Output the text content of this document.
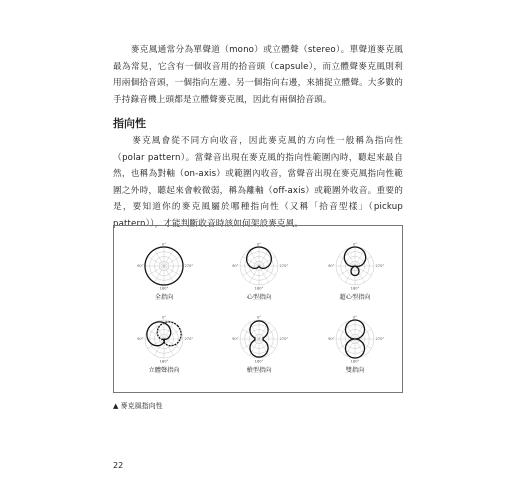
　　麥克風通常分為單聲道（mono）或立體聲（stereo）。單聲道麥克風最為常見，它含有一個收音用的拾音頭（capsule），而立體聲麥克風則利用兩個拾音頭，一個指向左邊、另一個指向右邊，來捕捉立體聲。大多數的手持錄音機上頭都是立體聲麥克風，因此有兩個拾音頭。

指向性

　　麥克風會從不同方向收音，因此麥克風的方向性一般稱為指向性（polar pattern）。當聲音出現在麥克風的指向性範圍內時，聽起來最自然，也稱為對軸（on-axis）或範圍內收音，當聲音出現在麥克風指向性範圍之外時，聽起來會較微弱，稱為離軸（off-axis）或範圍外收音。重要的是，要知道你的麥克風屬於哪種指向性（又稱「拾音型樣」（pickup pattern）），才能判斷收音時該如何架設麥克風。

0°
180°
90°	270°
全指向
0°
180°
90°	270°
心型指向
0°
180°
90°	270°
超心型指向
0°
180°
90°	270°
立體聲指向
0°
180°
90°	270°
槍型指向
0°
180°
90°	270°
雙指向
▲ 麥克風指向性
22
